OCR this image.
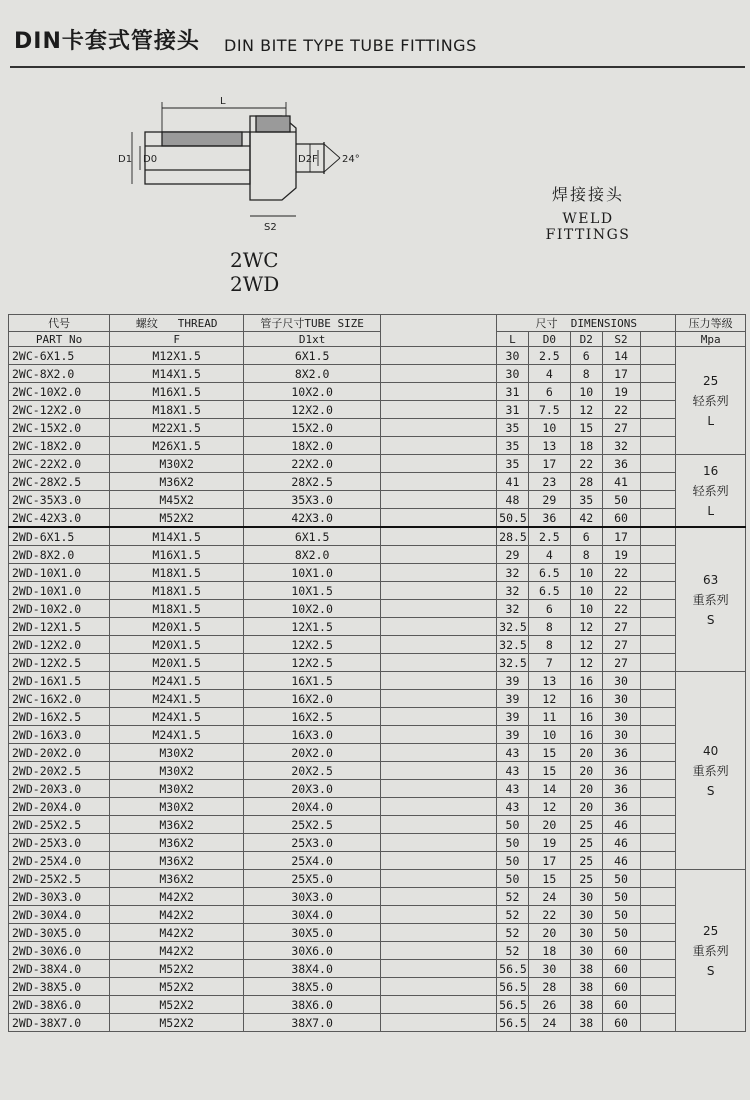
DIN卡套式管接头 DIN BITE TYPE TUBE FITTINGS
L
D1 D0	D2 F 24°
S2
2WC
2WD
焊接接头
WELD FITTINGS
代号	螺纹 THREAD	管子尺寸TUBE SIZE		尺寸 DIMENSIONS					压力等级
PART No	F	D1xt		L	D0	D2	S2		Mpa
2WC-6X1.5	M12X1.5	6X1.5		30	2.5	6	14		25
轻系列
L

2WC-8X2.0	M14X1.5	8X2.0		30	4	8	17		
2WC-10X2.0	M16X1.5	10X2.0		31	6	10	19		
2WC-12X2.0	M18X1.5	12X2.0		31	7.5	12	22		
2WC-15X2.0	M22X1.5	15X2.0		35	10	15	27		
2WC-18X2.0	M26X1.5	18X2.0		35	13	18	32		
2WC-22X2.0	M30X2	22X2.0		35	17	22	36		16
轻系列
L

2WC-28X2.5	M36X2	28X2.5		41	23	28	41		
2WC-35X3.0	M45X2	35X3.0		48	29	35	50		
2WC-42X3.0	M52X2	42X3.0		50.5	36	42	60		
2WD-6X1.5	M14X1.5	6X1.5		28.5	2.5	6	17		63
重系列
S

2WD-8X2.0	M16X1.5	8X2.0		29	4	8	19		
2WD-10X1.0	M18X1.5	10X1.0		32	6.5	10	22		
2WD-10X1.0	M18X1.5	10X1.5		32	6.5	10	22		
2WD-10X2.0	M18X1.5	10X2.0		32	6	10	22		
2WD-12X1.5	M20X1.5	12X1.5		32.5	8	12	27		
2WD-12X2.0	M20X1.5	12X2.5		32.5	8	12	27		
2WD-12X2.5	M20X1.5	12X2.5		32.5	7	12	27		
2WD-16X1.5	M24X1.5	16X1.5		39	13	16	30		40
重系列
S

2WC-16X2.0	M24X1.5	16X2.0		39	12	16	30		
2WD-16X2.5	M24X1.5	16X2.5		39	11	16	30		
2WD-16X3.0	M24X1.5	16X3.0		39	10	16	30		
2WD-20X2.0	M30X2	20X2.0		43	15	20	36		
2WD-20X2.5	M30X2	20X2.5		43	15	20	36		
2WD-20X3.0	M30X2	20X3.0		43	14	20	36		
2WD-20X4.0	M30X2	20X4.0		43	12	20	36		
2WD-25X2.5	M36X2	25X2.5		50	20	25	46		
2WD-25X3.0	M36X2	25X3.0		50	19	25	46		
2WD-25X4.0	M36X2	25X4.0		50	17	25	46		
2WD-25X2.5	M36X2	25X5.0		50	15	25	50		25
重系列
S

2WD-30X3.0	M42X2	30X3.0		52	24	30	50		
2WD-30X4.0	M42X2	30X4.0		52	22	30	50		
2WD-30X5.0	M42X2	30X5.0		52	20	30	50		
2WD-30X6.0	M42X2	30X6.0		52	18	30	60		
2WD-38X4.0	M52X2	38X4.0		56.5	30	38	60		
2WD-38X5.0	M52X2	38X5.0		56.5	28	38	60		
2WD-38X6.0	M52X2	38X6.0		56.5	26	38	60		
2WD-38X7.0	M52X2	38X7.0		56.5	24	38	60		
